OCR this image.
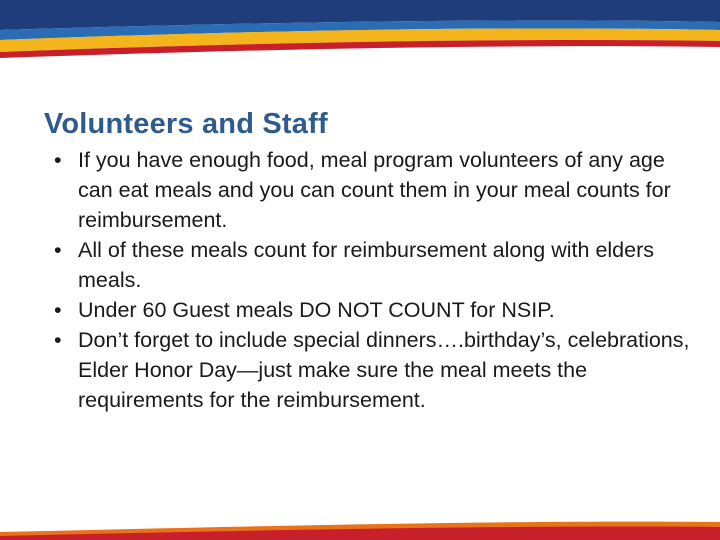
Volunteers and Staff
• If you have enough food, meal program volunteers of any age can eat meals and you can count them in your meal counts for reimbursement.
• All of these meals count for reimbursement along with elders meals.
• Under 60 Guest meals DO NOT COUNT for NSIP.
• Don’t forget to include special dinners….birthday’s, celebrations, Elder Honor Day—just make sure the meal meets the requirements for the reimbursement.
